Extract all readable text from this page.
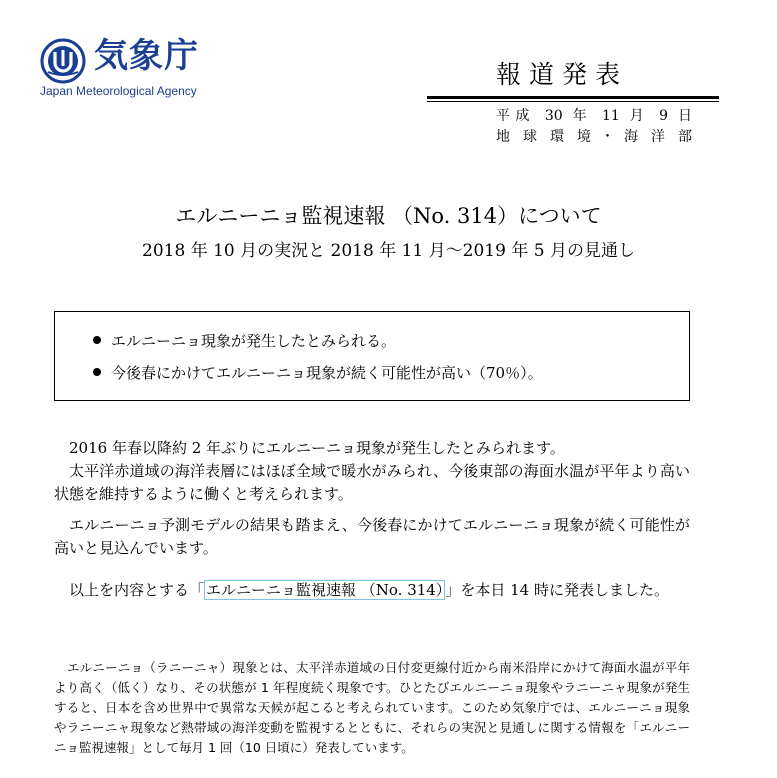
気象庁
Japan Meteorological Agency
報道発表
平成 30 年 11 月 9 日
地球環境･海洋部
エルニーニョ監視速報 （No. 314）について
2018 年 10 月の実況と 2018 年 11 月～2019 年 5 月の見通し
エルニーニョ現象が発生したとみられる。
今後春にかけてエルニーニョ現象が続く可能性が高い（70％）。
2016 年春以降約 2 年ぶりにエルニーニョ現象が発生したとみられます。
太平洋赤道域の海洋表層にはほぼ全域で暖水がみられ、今後東部の海面水温が平年より高い状態を維持するように働くと考えられます。
エルニーニョ予測モデルの結果も踏まえ、今後春にかけてエルニーニョ現象が続く可能性が高いと見込んでいます。
以上を内容とする「 エルニーニョ監視速報 （No. 314） 」を本日 14 時に発表しました。
エルニーニョ（ラニーニャ）現象とは、太平洋赤道域の日付変更線付近から南米沿岸にかけて海面水温が平年より高く（低く）なり、その状態が 1 年程度続く現象です。ひとたびエルニーニョ現象やラニーニャ現象が発生すると、日本を含め世界中で異常な天候が起こると考えられています。このため気象庁では、エルニーニョ現象やラニーニャ現象など熱帯域の海洋変動を監視するとともに、それらの実況と見通しに関する情報を「エルニーニョ監視速報」として毎月 1 回（10 日頃に）発表しています。
